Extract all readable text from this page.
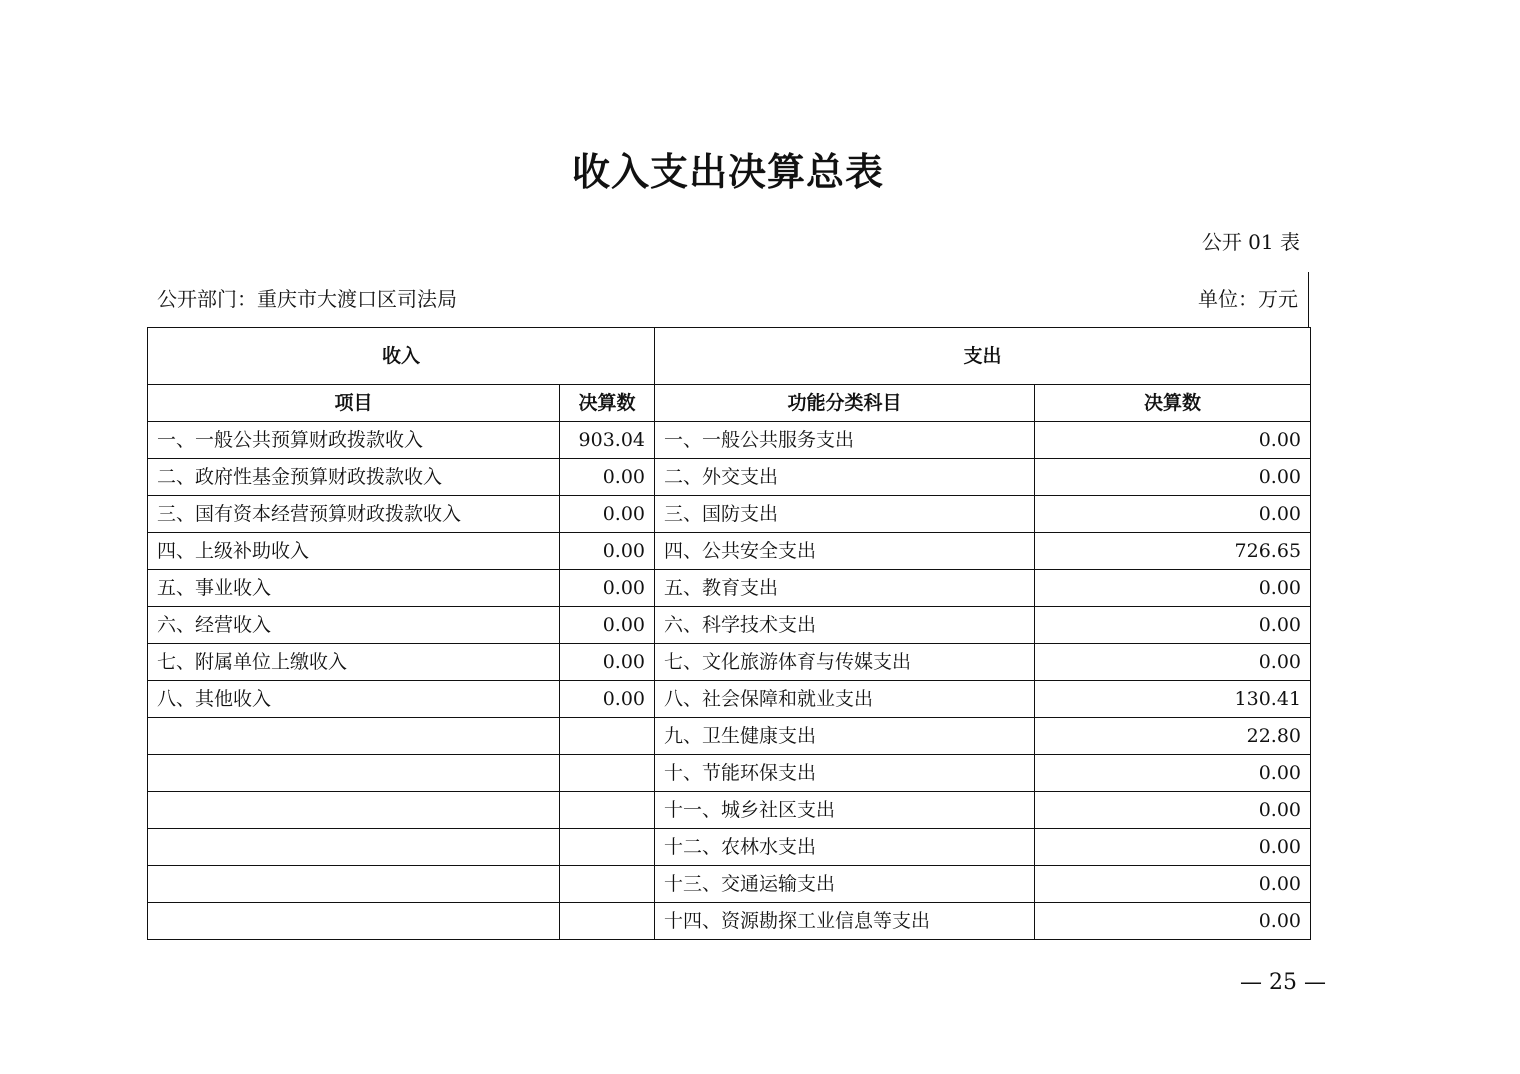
收入支出决算总表
公开 01 表
公开部门：重庆市大渡口区司法局	单位：万元
收入		支出	
项目	决算数	功能分类科目	决算数
一、一般公共预算财政拨款收入	903.04	一、一般公共服务支出	0.00
二、政府性基金预算财政拨款收入	0.00	二、外交支出	0.00
三、国有资本经营预算财政拨款收入	0.00	三、国防支出	0.00
四、上级补助收入	0.00	四、公共安全支出	726.65
五、事业收入	0.00	五、教育支出	0.00
六、经营收入	0.00	六、科学技术支出	0.00
七、附属单位上缴收入	0.00	七、文化旅游体育与传媒支出	0.00
八、其他收入	0.00	八、社会保障和就业支出	130.41
		九、卫生健康支出	22.80
		十、节能环保支出	0.00
		十一、城乡社区支出	0.00
		十二、农林水支出	0.00
		十三、交通运输支出	0.00
		十四、资源勘探工业信息等支出	0.00
— 25 —
